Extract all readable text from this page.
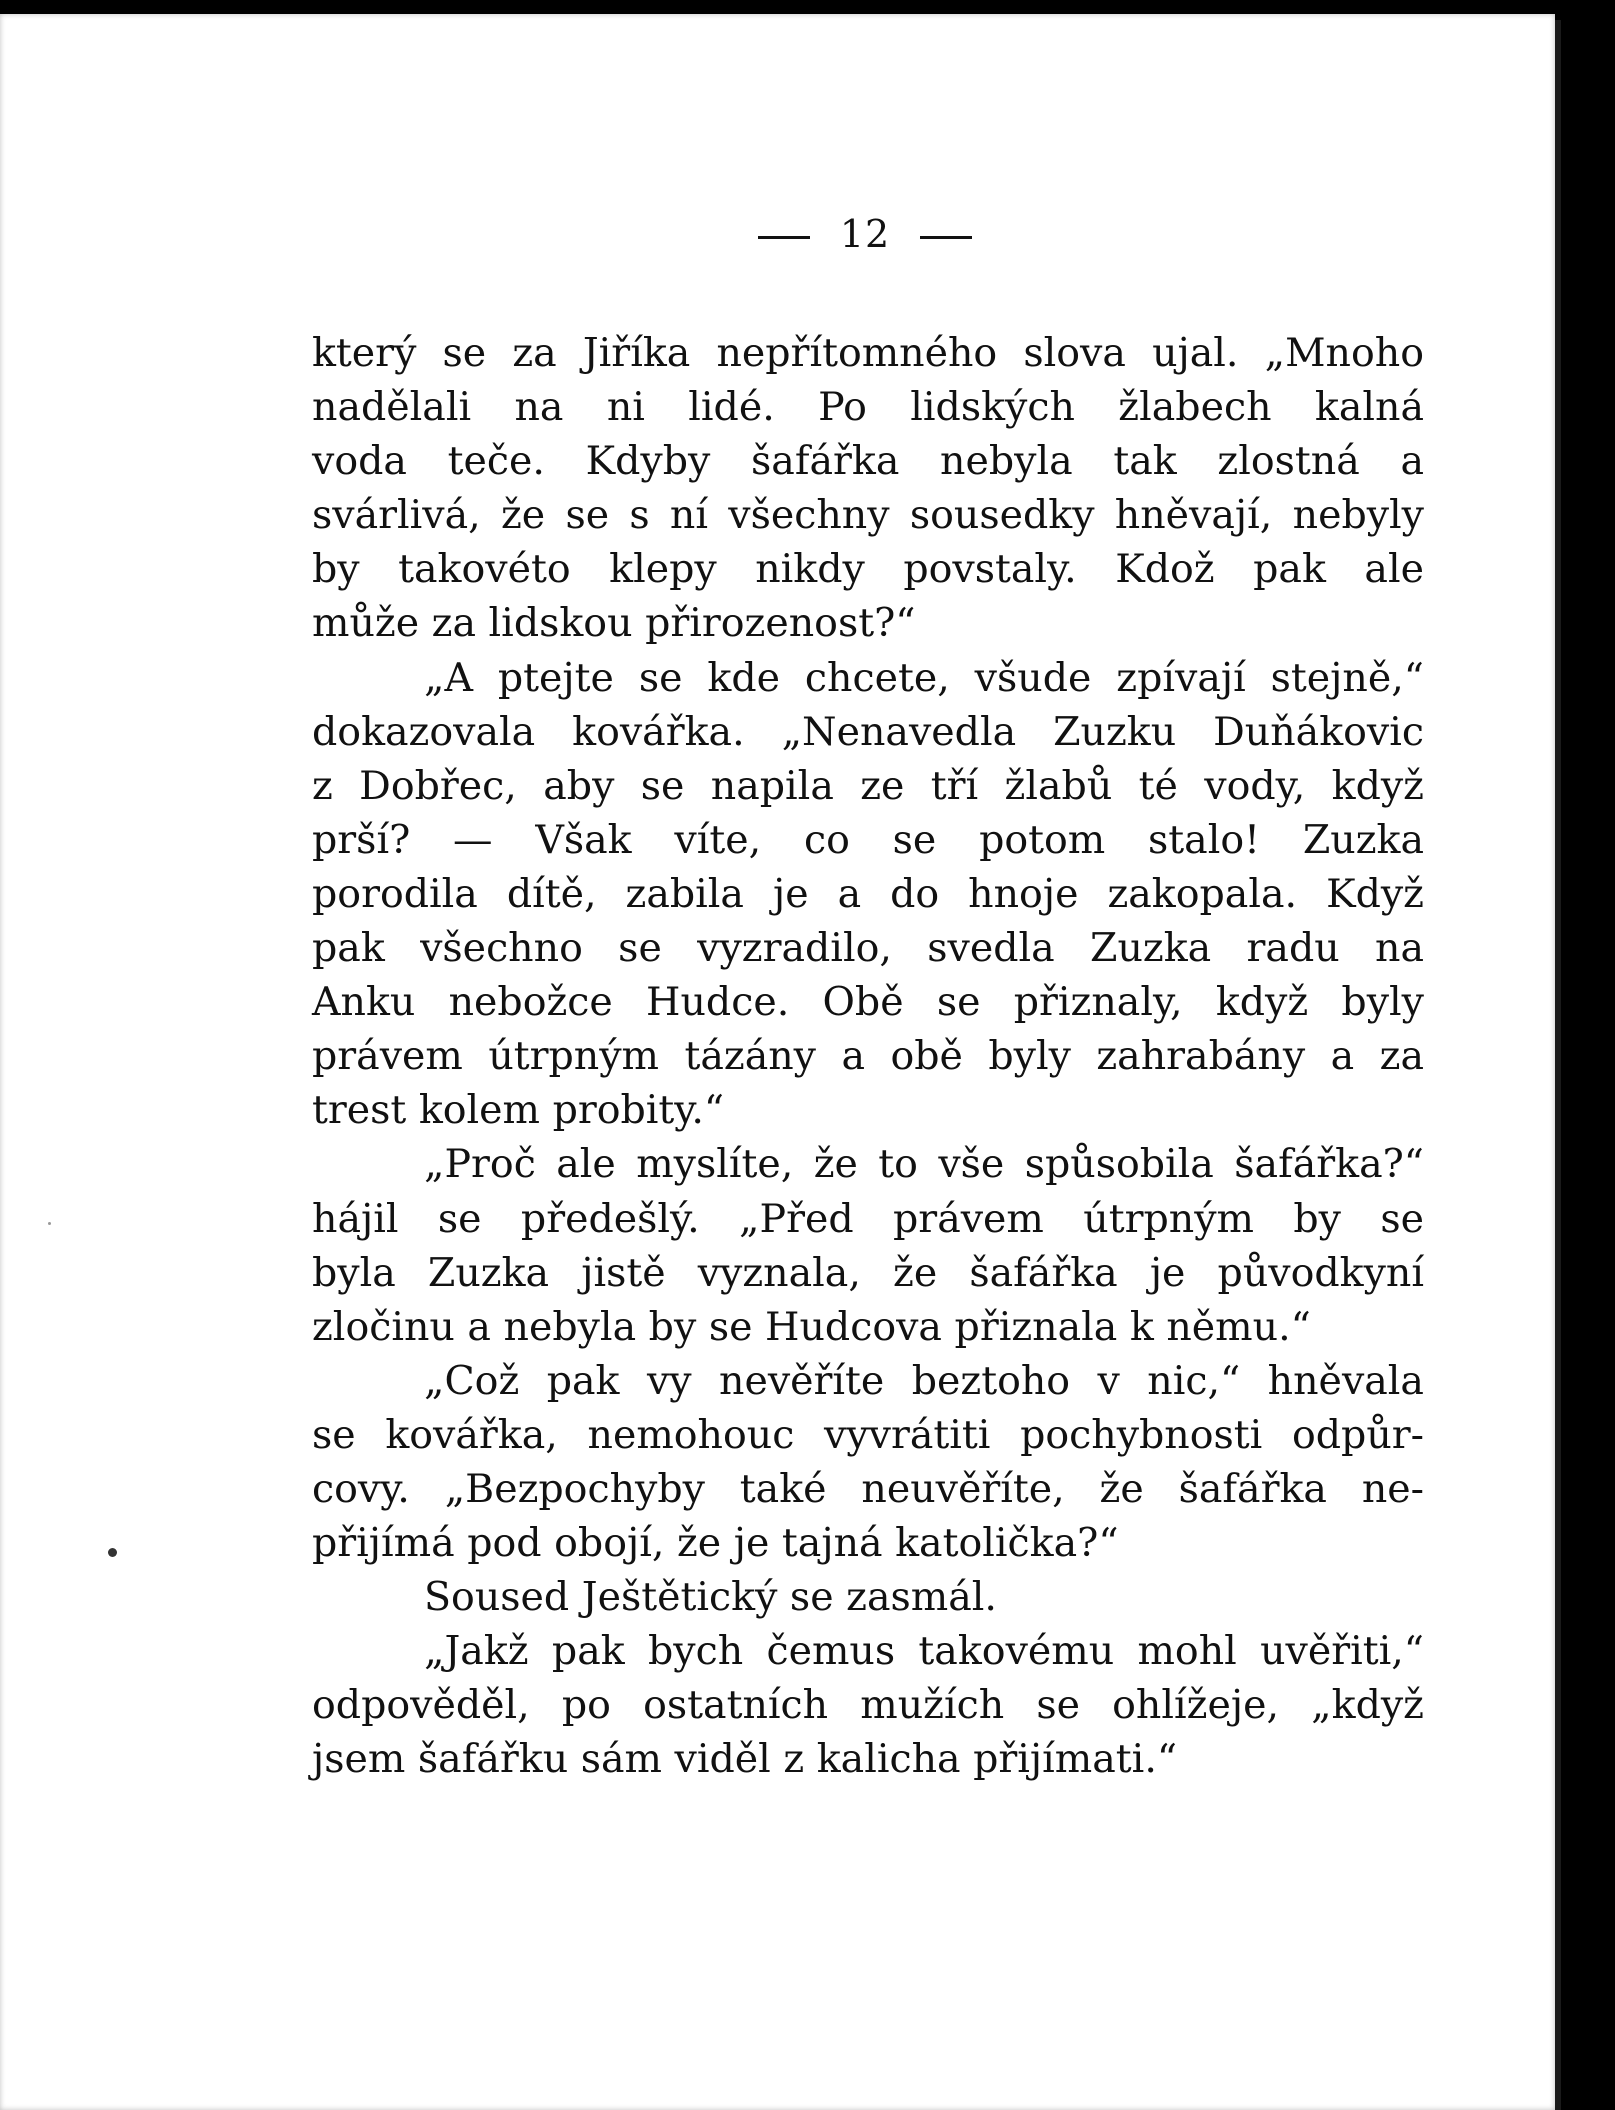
12

který se za Jiříka nepřítomného slova ujal. „Mnoho

nadělali na ni lidé. Po lidských žlabech kalná

voda teče. Kdyby šafářka nebyla tak zlostná a

svárlivá, že se s ní všechny sousedky hněvají, nebyly

by takovéto klepy nikdy povstaly. Kdož pak ale

může za lidskou přirozenost?“

„A ptejte se kde chcete, všude zpívají stejně,“

dokazovala kovářka. „Nenavedla Zuzku Duňákovic

z Dobřec, aby se napila ze tří žlabů té vody, když

prší? — Však víte, co se potom stalo! Zuzka

porodila dítě, zabila je a do hnoje zakopala. Když

pak všechno se vyzradilo, svedla Zuzka radu na

Anku nebožce Hudce. Obě se přiznaly, když byly

právem útrpným tázány a obě byly zahrabány a za

trest kolem probity.“

„Proč ale myslíte, že to vše spůsobila šafářka?“

hájil se předešlý. „Před právem útrpným by se

byla Zuzka jistě vyznala, že šafářka je původkyní

zločinu a nebyla by se Hudcova přiznala k němu.“

„Což pak vy nevěříte beztoho v nic,“ hněvala

se kovářka, nemohouc vyvrátiti pochybnosti odpůr-

covy. „Bezpochyby také neuvěříte, že šafářka ne-

přijímá pod obojí, že je tajná katolička?“

Soused Ještětický se zasmál.

„Jakž pak bych čemus takovému mohl uvěřiti,“

odpověděl, po ostatních mužích se ohlížeje, „když

jsem šafářku sám viděl z kalicha přijímati.“
